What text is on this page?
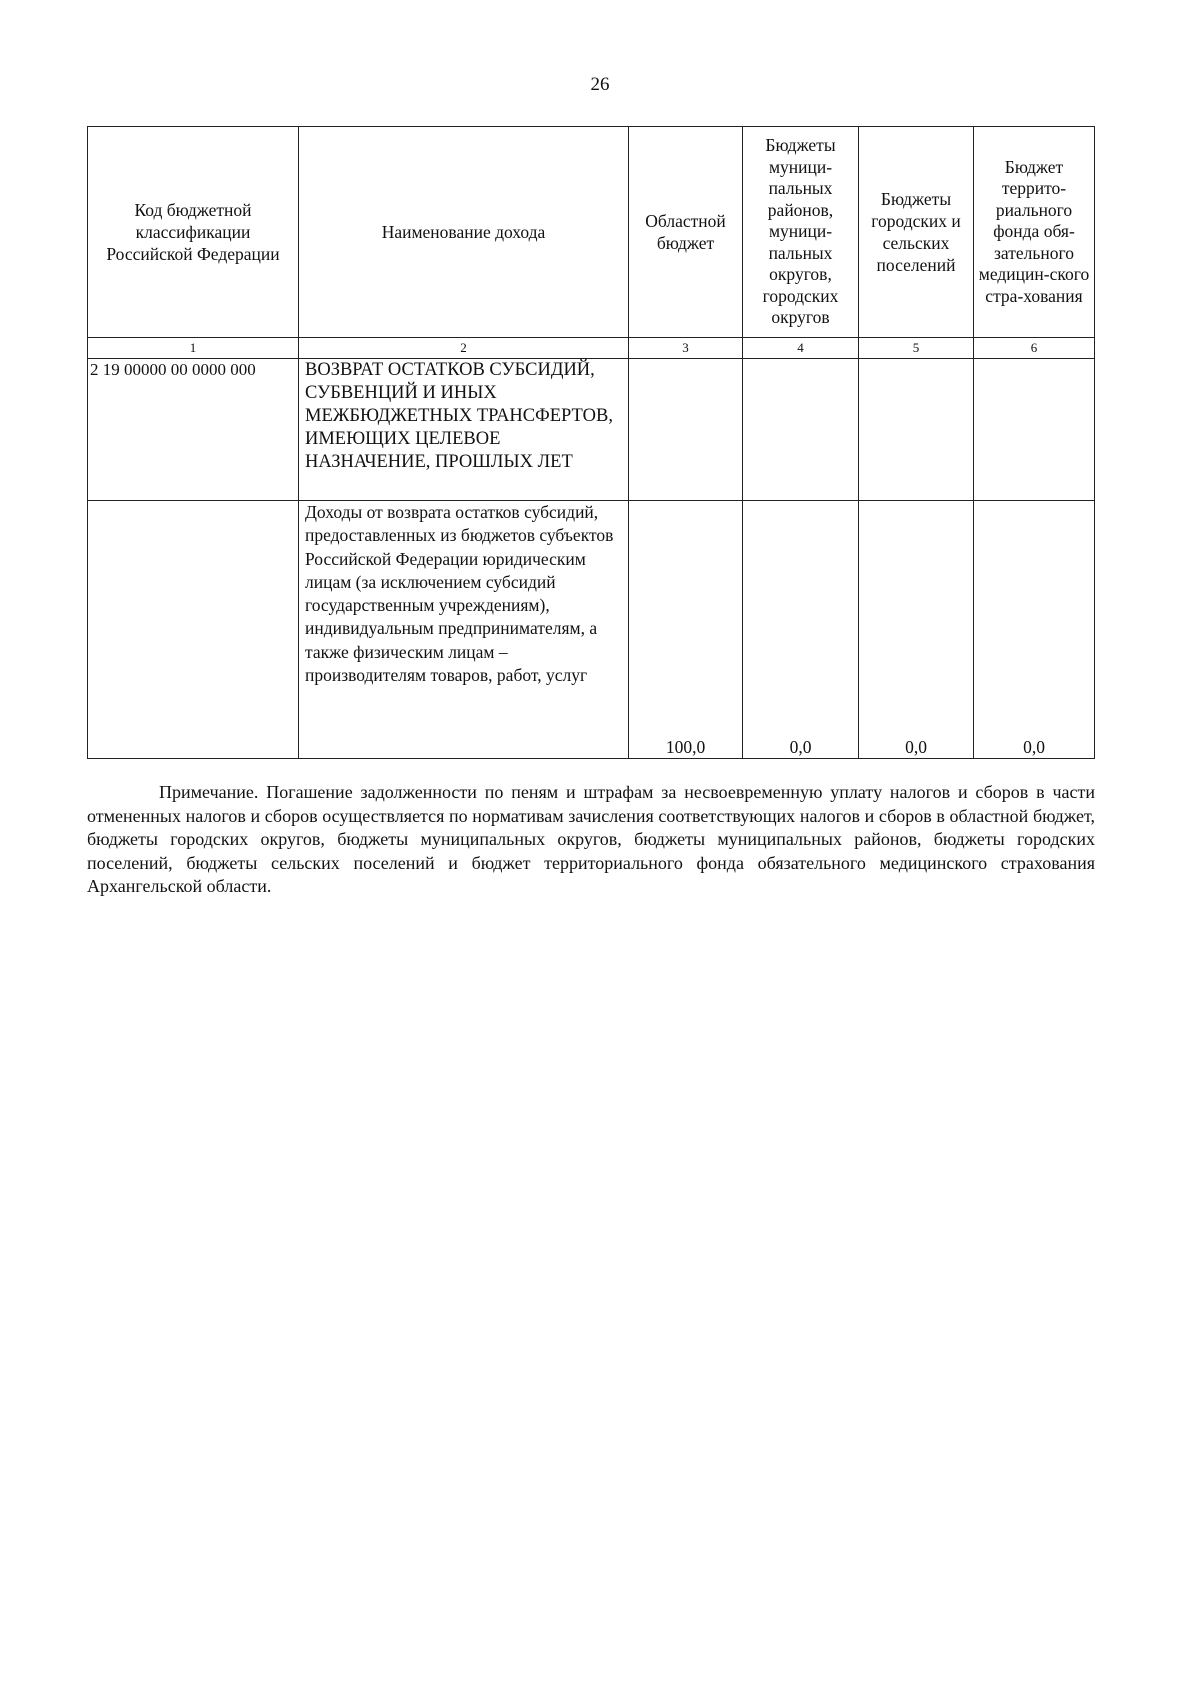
26
Код бюджетной классификации Российской Федерации	Наименование дохода	Областной бюджет	Бюджеты муници-пальных районов, муници-пальных округов, городских округов	Бюджеты городских и сельских поселений	Бюджет террито-риального фонда обя-зательного медицин-ского стра-хования
1	2	3	4	5	6
2 19 00000 00 0000 000	ВОЗВРАТ ОСТАТКОВ СУБСИДИЙ, СУБВЕНЦИЙ И ИНЫХ МЕЖБЮДЖЕТНЫХ ТРАНСФЕРТОВ, ИМЕЮЩИХ ЦЕЛЕВОЕ НАЗНАЧЕНИЕ, ПРОШЛЫХ ЛЕТ				
	Доходы от возврата остатков субсидий, предоставленных из бюджетов субъектов Российской Федерации юридическим лицам (за исключением субсидий государственным учреждениям), индивидуальным предпринимателям, а также физическим лицам – производителям товаров, работ, услуг	100,0	0,0	0,0	0,0
Примечание. Погашение задолженности по пеням и штрафам за несвоевременную уплату налогов и сборов в части отмененных налогов и сборов осуществляется по нормативам зачисления соответствующих налогов и сборов в областной бюджет, бюджеты городских округов, бюджеты муниципальных округов, бюджеты муниципальных районов, бюджеты городских поселений, бюджеты сельских поселений и бюджет территориального фонда обязательного медицинского страхования Архангельской области.
